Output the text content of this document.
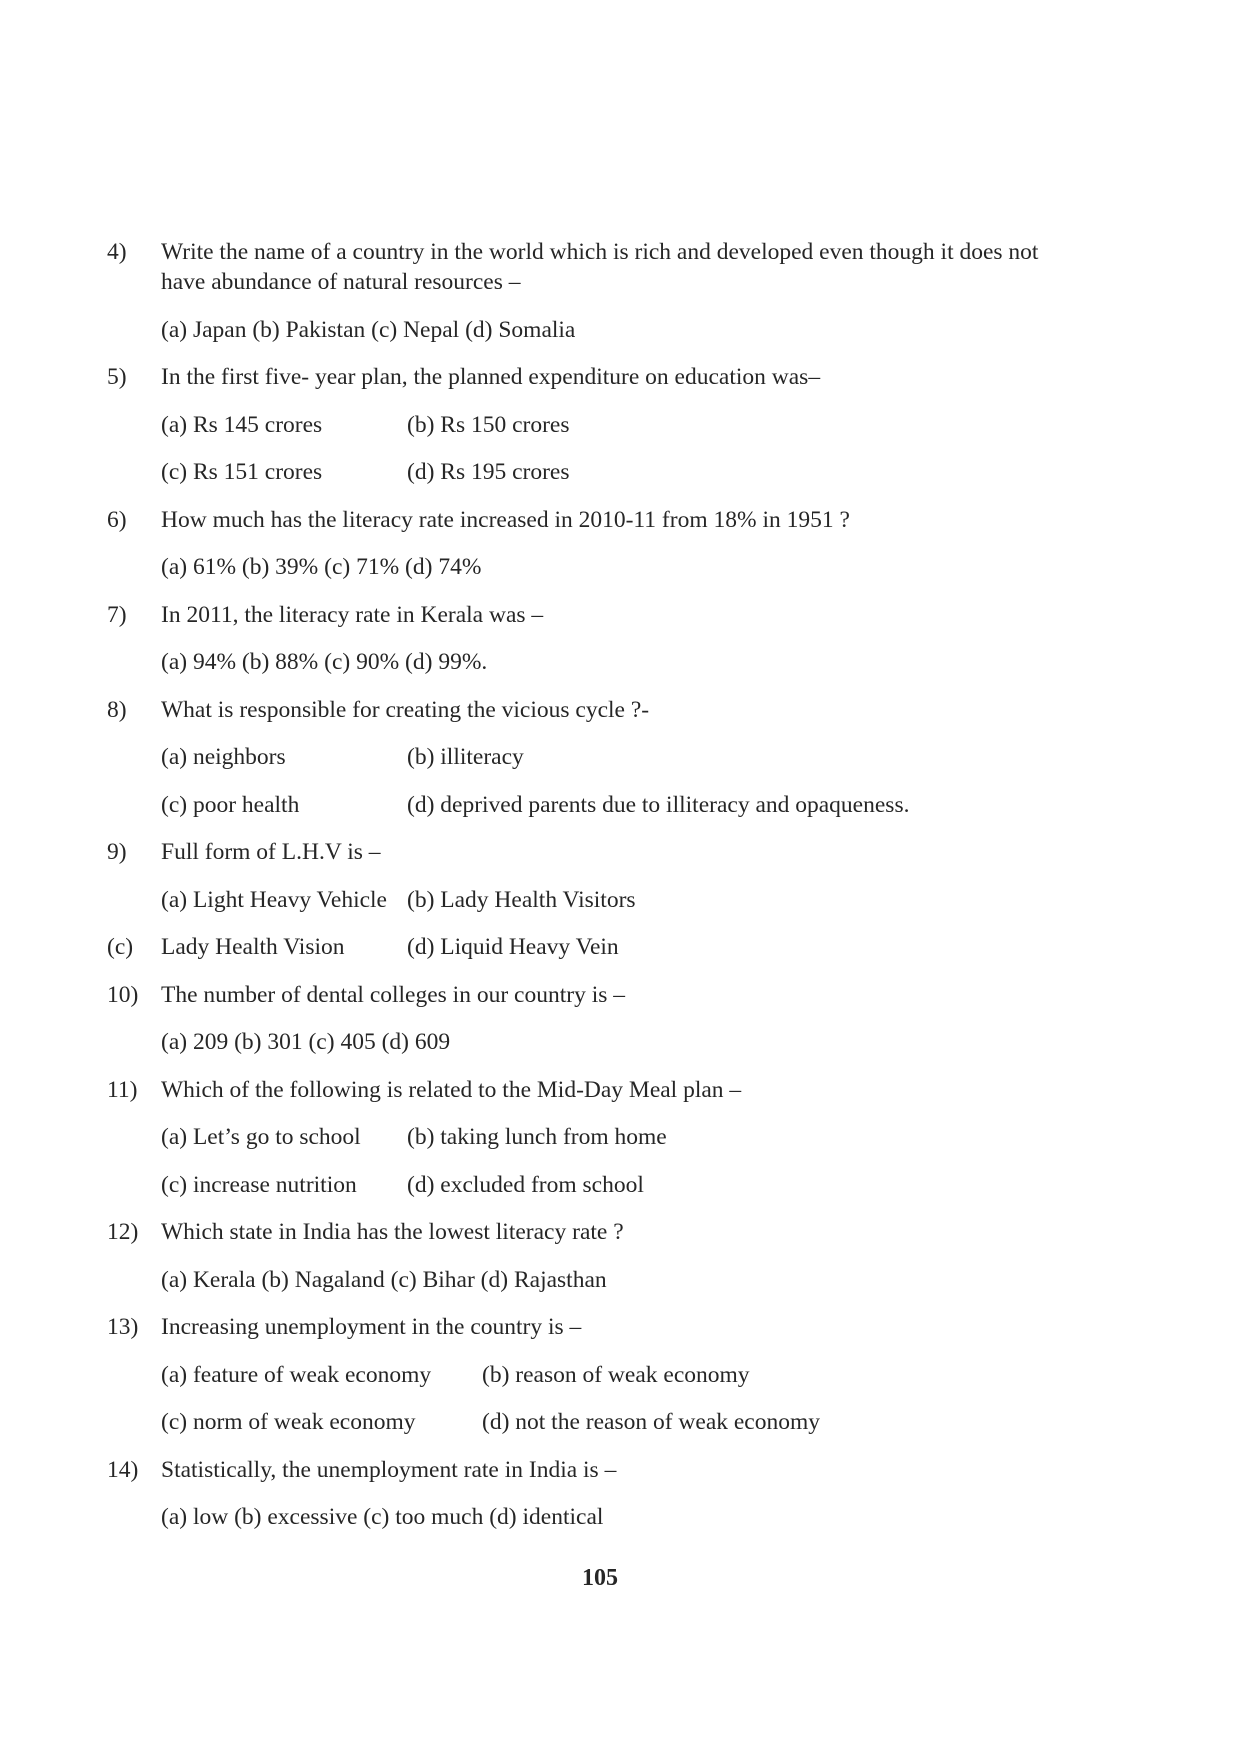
4) Write the name of a country in the world which is rich and developed even though it does not
have abundance of natural resources –
(a) Japan (b) Pakistan (c) Nepal (d) Somalia
5) In the first five- year plan, the planned expenditure on education was–
(a) Rs 145 crores	(b) Rs 150 crores
(c) Rs 151 crores	(d) Rs 195 crores
6) How much has the literacy rate increased in 2010-11 from 18% in 1951 ?
(a) 61% (b) 39% (c) 71% (d) 74%
7) In 2011, the literacy rate in Kerala was –
(a) 94% (b) 88% (c) 90% (d) 99%.
8) What is responsible for creating the vicious cycle ?-
(a) neighbors	(b) illiteracy
(c) poor health	(d) deprived parents due to illiteracy and opaqueness.
9) Full form of L.H.V is –
(a) Light Heavy Vehicle (b) Lady Health Visitors
(c) Lady Health Vision	(d) Liquid Heavy Vein
10) The number of dental colleges in our country is –
(a) 209 (b) 301 (c) 405 (d) 609
11) Which of the following is related to the Mid-Day Meal plan –
(a) Let’s go to school (b) taking lunch from home
(c) increase nutrition (d) excluded from school
12) Which state in India has the lowest literacy rate ?
(a) Kerala (b) Nagaland (c) Bihar (d) Rajasthan
13) Increasing unemployment in the country is –
(a) feature of weak economy (b) reason of weak economy
(c) norm of weak economy	(d) not the reason of weak economy
14) Statistically, the unemployment rate in India is –
(a) low (b) excessive (c) too much (d) identical
105
